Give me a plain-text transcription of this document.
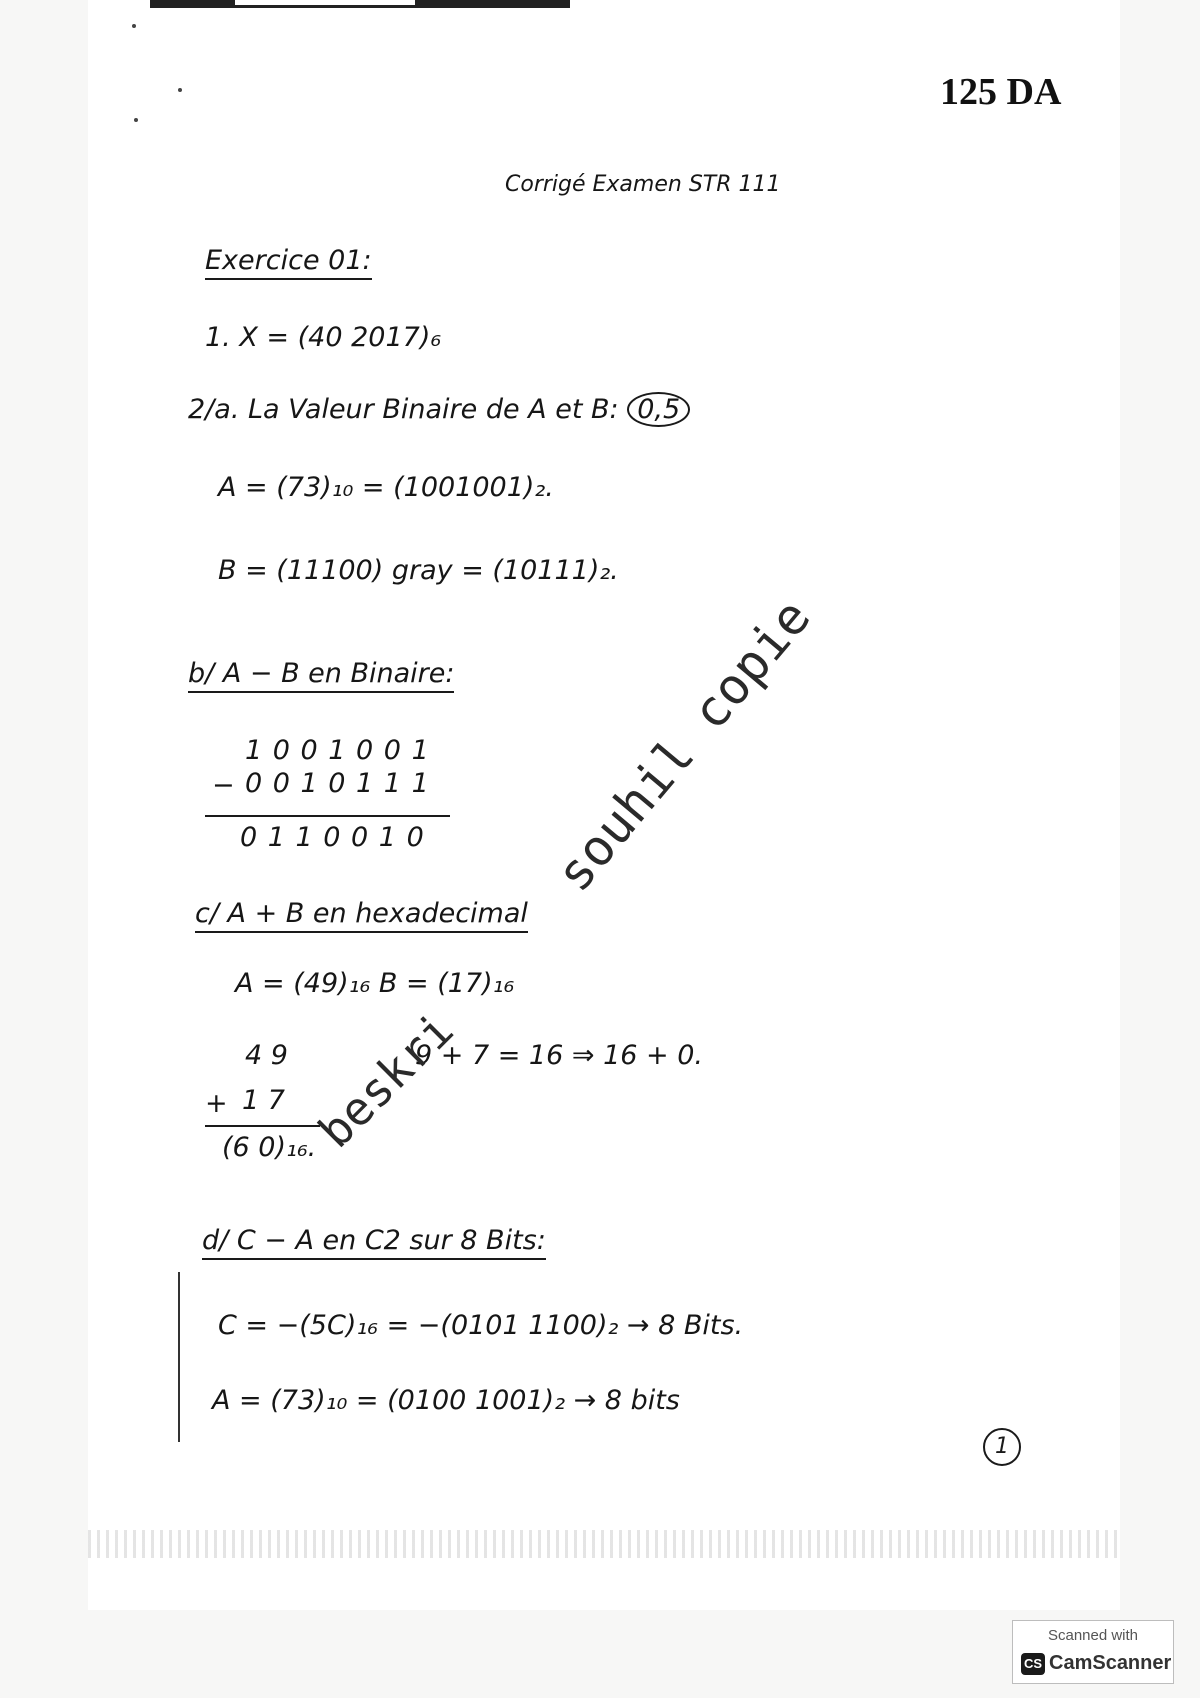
125 DA
Corrigé Examen STR 111
Exercice 01:
1. X = (40 2017)₆
2/a. La Valeur Binaire de A et B: 0,5
A = (73)₁₀ = (1001001)₂.
B = (11100) gray = (10111)₂.
b/ A − B en Binaire:
1 0 0 1 0 0 1
− 0 0 1 0 1 1 1
0 1 1 0 0 1 0 souhil copie
c/ A + B en hexadecimal
A = (49)₁₆ B = (17)₁₆
4 9	9 + 7 = 16 ⇒ 16 + 0.
+ 1 7
(6 0)₁₆.
beskri
d/ C − A en C2 sur 8 Bits:
C = −(5C)₁₆ = −(0101 1100)₂ → 8 Bits.
A = (73)₁₀ = (0100 1001)₂ → 8 bits
1
Scanned with
CS CamScanner
